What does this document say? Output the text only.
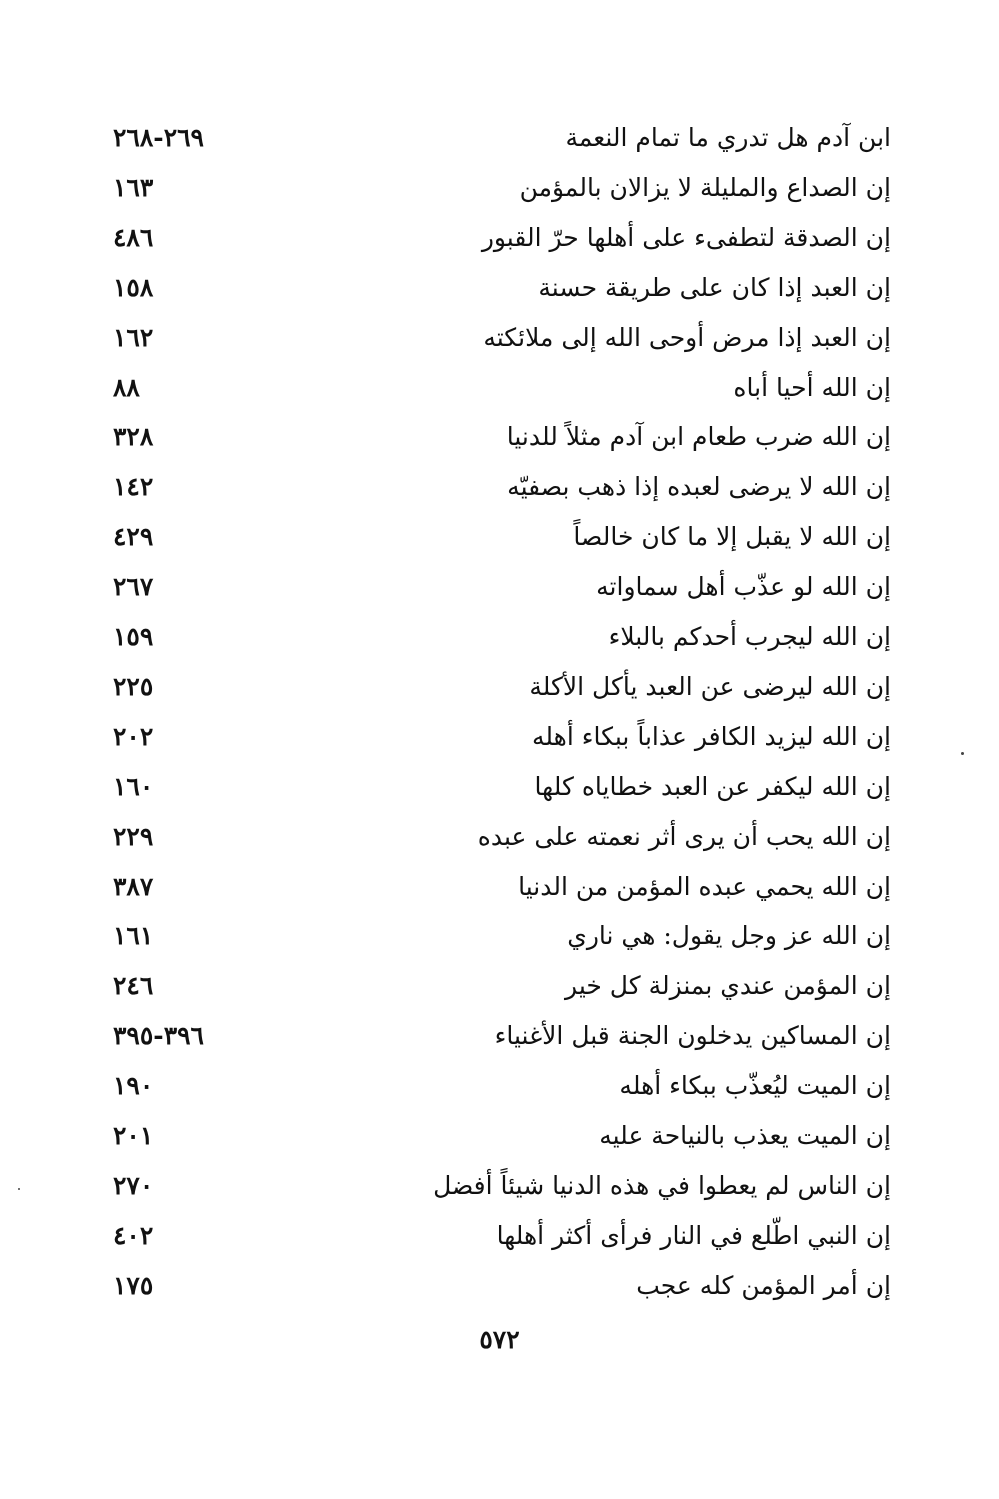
ابن آدم هل تدري ما تمام النعمة
٢٦٩-٢٦٨
إن الصداع والمليلة لا يزالان بالمؤمن
١٦٣
إن الصدقة لتطفىء على أهلها حرّ القبور
٤٨٦
إن العبد إذا كان على طريقة حسنة
١٥٨
إن العبد إذا مرض أوحى الله إلى ملائكته
١٦٢
إن الله أحيا أباه
٨٨
إن الله ضرب طعام ابن آدم مثلاً للدنيا
٣٢٨
إن الله لا يرضى لعبده إذا ذهب بصفيّه
١٤٢
إن الله لا يقبل إلا ما كان خالصاً
٤٢٩
إن الله لو عذّب أهل سماواته
٢٦٧
إن الله ليجرب أحدكم بالبلاء
١٥٩
إن الله ليرضى عن العبد يأكل الأكلة
٢٢٥
إن الله ليزيد الكافر عذاباً ببكاء أهله
٢٠٢
إن الله ليكفر عن العبد خطاياه كلها
١٦٠
إن الله يحب أن يرى أثر نعمته على عبده
٢٢٩
إن الله يحمي عبده المؤمن من الدنيا
٣٨٧
إن الله عز وجل يقول: هي ناري
١٦١
إن المؤمن عندي بمنزلة كل خير
٢٤٦
إن المساكين يدخلون الجنة قبل الأغنياء
٣٩٦-٣٩٥
إن الميت ليُعذّب ببكاء أهله
١٩٠
إن الميت يعذب بالنياحة عليه
٢٠١
إن الناس لم يعطوا في هذه الدنيا شيئاً أفضل
٢٧٠
إن النبي اطّلع في النار فرأى أكثر أهلها
٤٠٢
إن أمر المؤمن كله عجب
١٧٥
٥٧٢
